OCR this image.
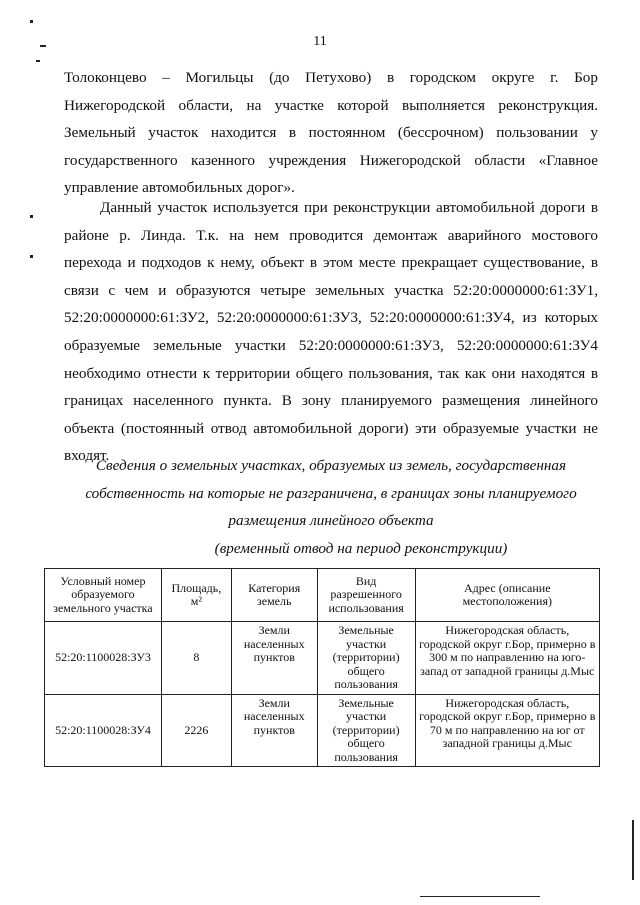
11

Толоконцево – Могильцы (до Петухово) в городском округе г. Бор

Нижегородской области, на участке которой выполняется реконструкция.

Земельный участок находится в постоянном (бессрочном) пользовании у

государственного казенного учреждения Нижегородской области «Главное

управление автомобильных дорог».

Данный участок используется при реконструкции автомобильной дороги в районе р. Линда. Т.к. на нем проводится демонтаж аварийного мостового перехода и подходов к нему, объект в этом месте прекращает существование, в связи с чем и образуются четыре земельных участка 52:20:0000000:61:ЗУ1, 52:20:0000000:61:ЗУ2, 52:20:0000000:61:ЗУ3, 52:20:0000000:61:ЗУ4, из которых образуемые земельные участки 52:20:0000000:61:ЗУ3, 52:20:0000000:61:ЗУ4 необходимо отнести к территории общего пользования, так как они находятся в границах населенного пункта. В зону планируемого размещения линейного объекта (постоянный отвод автомобильной дороги) эти образуемые участки не входят.

Сведения о земельных участках, образуемых из земель, государственная

собственность на которые не разграничена, в границах зоны планируемого

размещения линейного объекта

(временный отвод на период реконструкции)

Условный номер образуемого земельного участка	Площадь, м²	Категория земель	Вид разрешенного использования	Адрес (описание местоположения)
52:20:1100028:ЗУ3	8	Земли населенных пунктов	Земельные участки (территории) общего пользования	Нижегородская область, городской округ г.Бор, примерно в 300 м по направлению на юго-запад от западной границы д.Мыс
52:20:1100028:ЗУ4	2226	Земли населенных пунктов	Земельные участки (территории) общего пользования	Нижегородская область, городской округ г.Бор, примерно в 70 м по направлению на юг от западной границы д.Мыс
